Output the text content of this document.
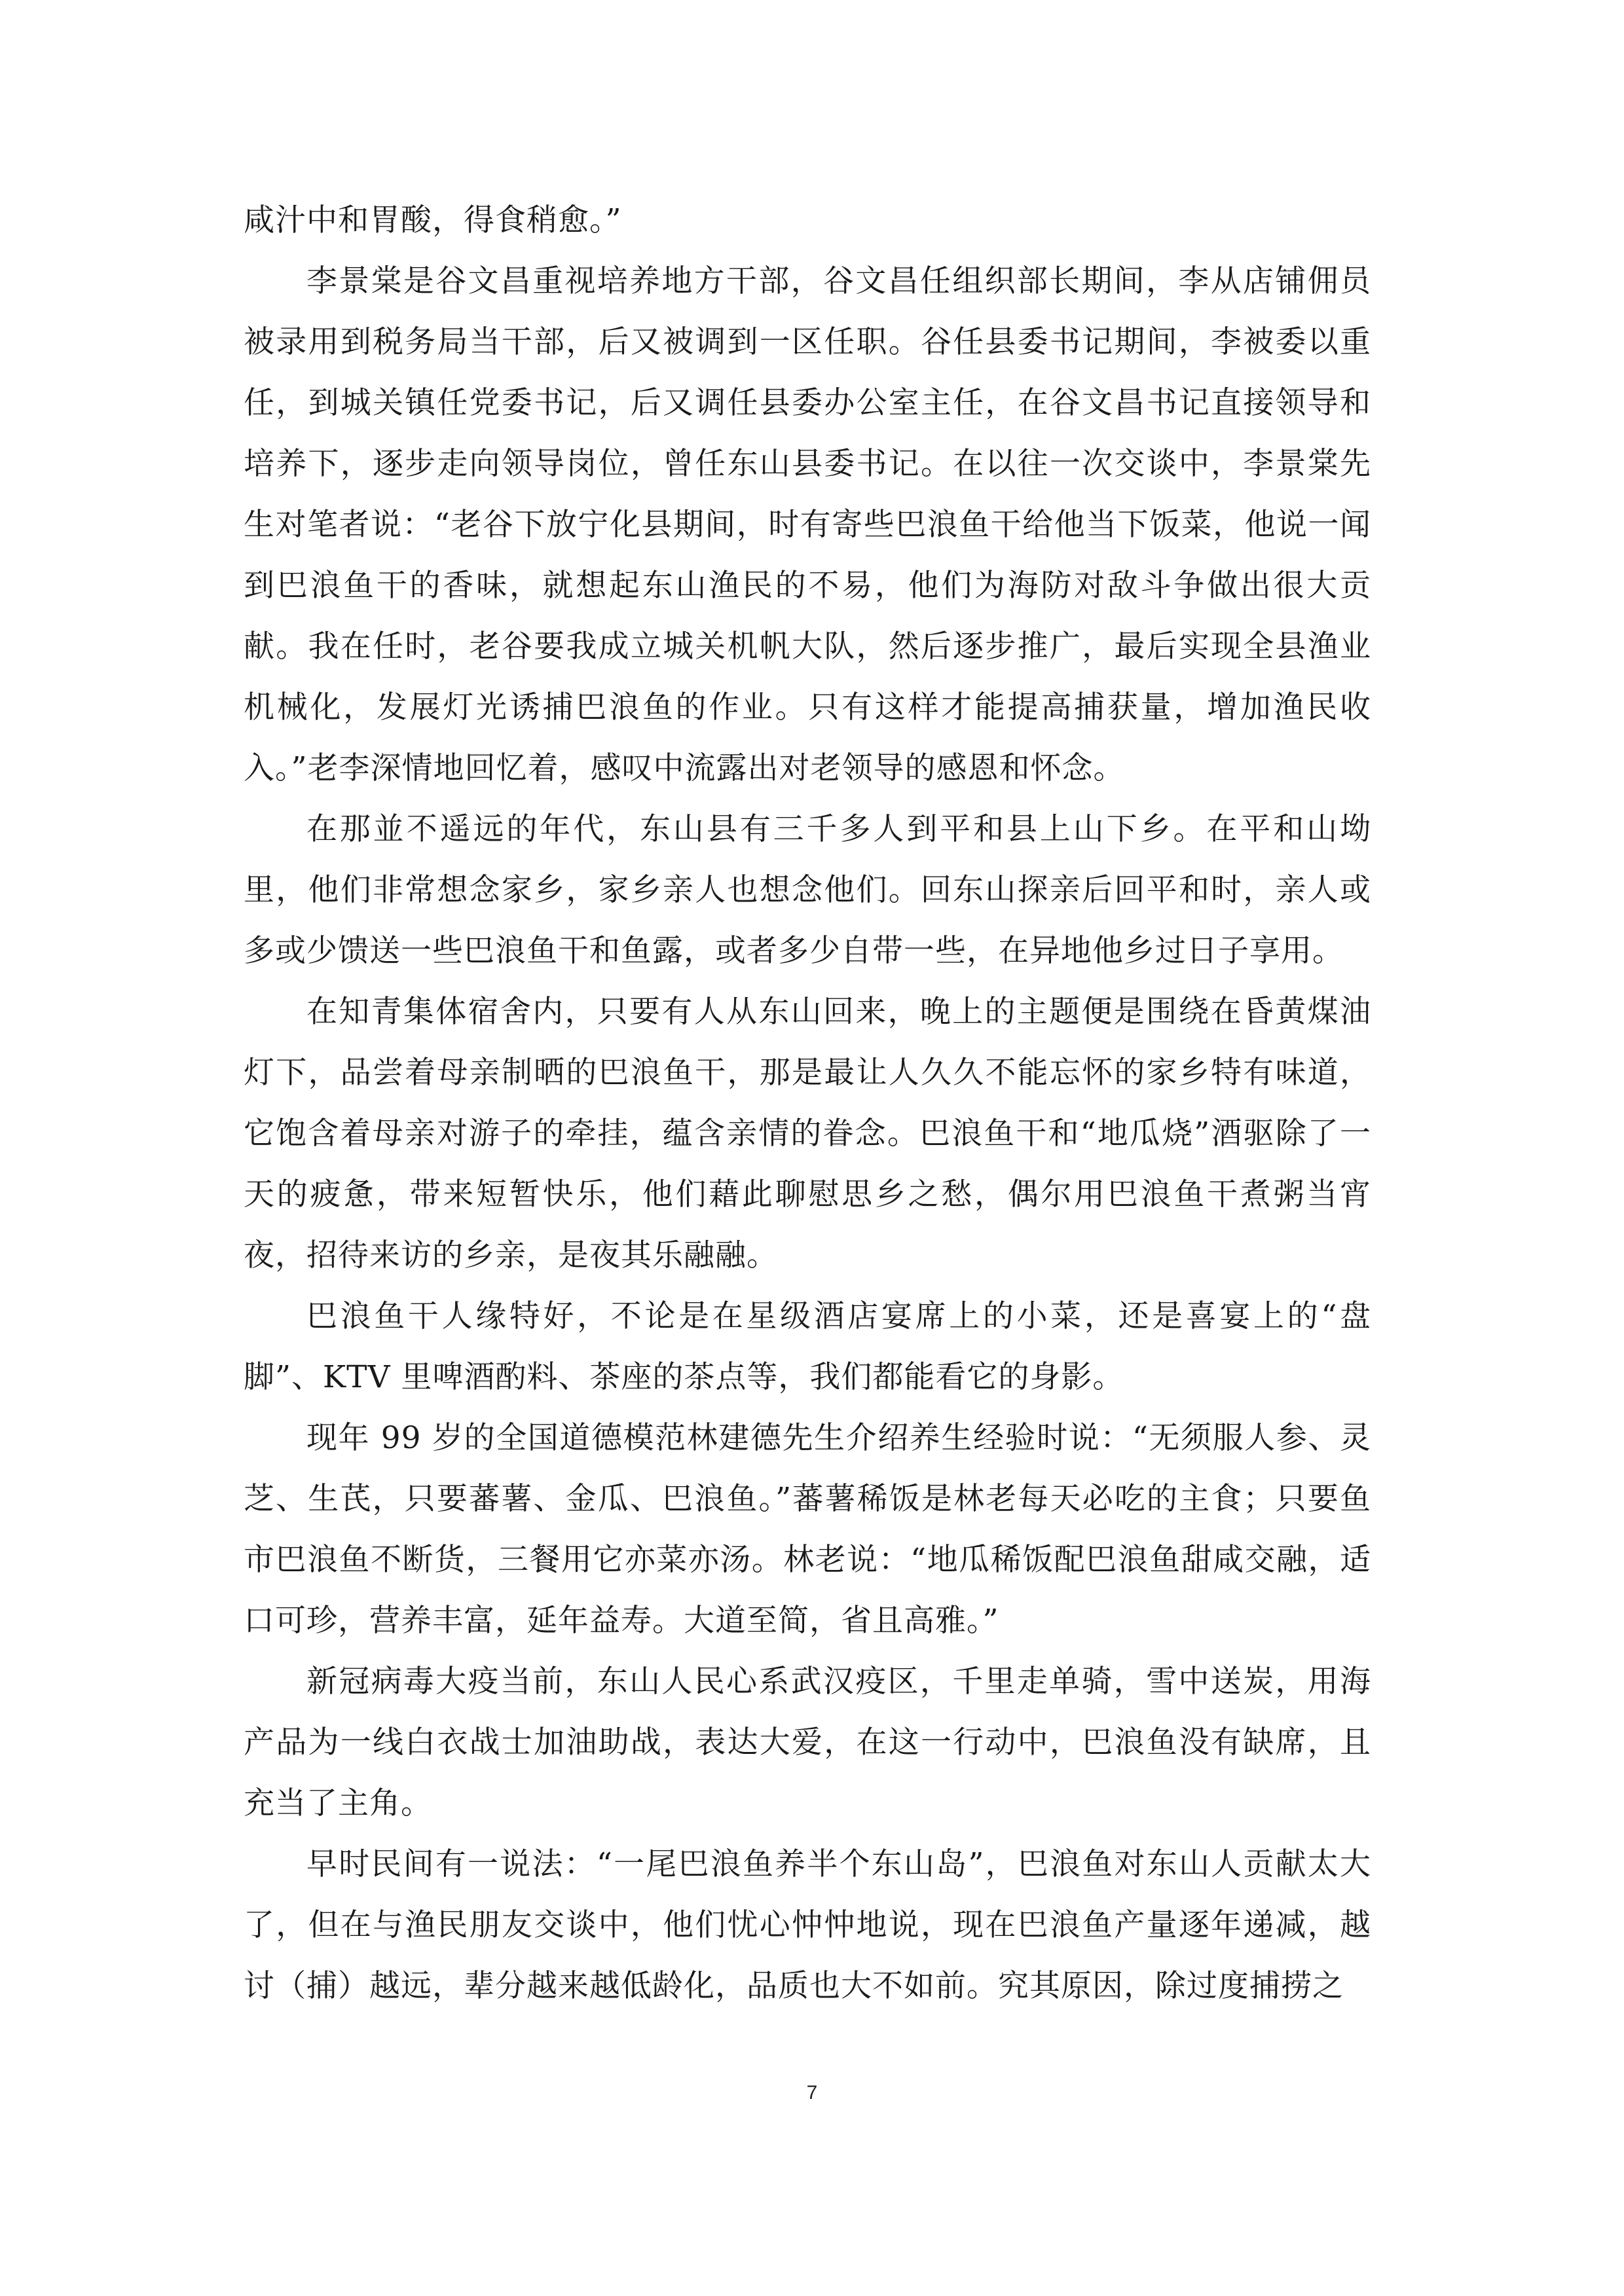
咸汁中和胃酸，得食稍愈。”

李景棠是谷文昌重视培养地方干部，谷文昌任组织部长期间，李从店铺佣员被录用到税务局当干部，后又被调到一区任职。谷任县委书记期间，李被委以重任，到城关镇任党委书记，后又调任县委办公室主任，在谷文昌书记直接领导和培养下，逐步走向领导岗位，曾任东山县委书记。在以往一次交谈中，李景棠先生对笔者说：“老谷下放宁化县期间，时有寄些巴浪鱼干给他当下饭菜，他说一闻到巴浪鱼干的香味，就想起东山渔民的不易，他们为海防对敌斗争做出很大贡献。我在任时，老谷要我成立城关机帆大队，然后逐步推广，最后实现全县渔业机械化，发展灯光诱捕巴浪鱼的作业。只有这样才能提高捕获量，增加渔民收入。”老李深情地回忆着，感叹中流露出对老领导的感恩和怀念。

在那並不遥远的年代，东山县有三千多人到平和县上山下乡。在平和山坳里，他们非常想念家乡，家乡亲人也想念他们。回东山探亲后回平和时，亲人或多或少馈送一些巴浪鱼干和鱼露，或者多少自带一些，在异地他乡过日子享用。

在知青集体宿舍内，只要有人从东山回来，晚上的主题便是围绕在昏黄煤油灯下，品尝着母亲制晒的巴浪鱼干，那是最让人久久不能忘怀的家乡特有味道，它饱含着母亲对游子的牵挂，蕴含亲情的眷念。巴浪鱼干和“地瓜烧”酒驱除了一天的疲惫，带来短暂快乐，他们藉此聊慰思乡之愁，偶尔用巴浪鱼干煮粥当宵夜，招待来访的乡亲，是夜其乐融融。

巴浪鱼干人缘特好，不论是在星级酒店宴席上的小菜，还是喜宴上的“盘脚”、KTV 里啤酒酌料、茶座的茶点等，我们都能看它的身影。

现年 99 岁的全国道德模范林建德先生介绍养生经验时说：“无须服人参、灵芝、生芪，只要蕃薯、金瓜、巴浪鱼。”蕃薯稀饭是林老每天必吃的主食；只要鱼市巴浪鱼不断货，三餐用它亦菜亦汤。林老说：“地瓜稀饭配巴浪鱼甜咸交融，适口可珍，营养丰富，延年益寿。大道至简，省且高雅。”

新冠病毒大疫当前，东山人民心系武汉疫区，千里走单骑，雪中送炭，用海产品为一线白衣战士加油助战，表达大爱，在这一行动中，巴浪鱼没有缺席，且充当了主角。

早时民间有一说法：“一尾巴浪鱼养半个东山岛”，巴浪鱼对东山人贡献太大了，但在与渔民朋友交谈中，他们忧心忡忡地说，现在巴浪鱼产量逐年递减，越讨（捕）越远，辈分越来越低龄化，品质也大不如前。究其原因，除过度捕捞之

7
